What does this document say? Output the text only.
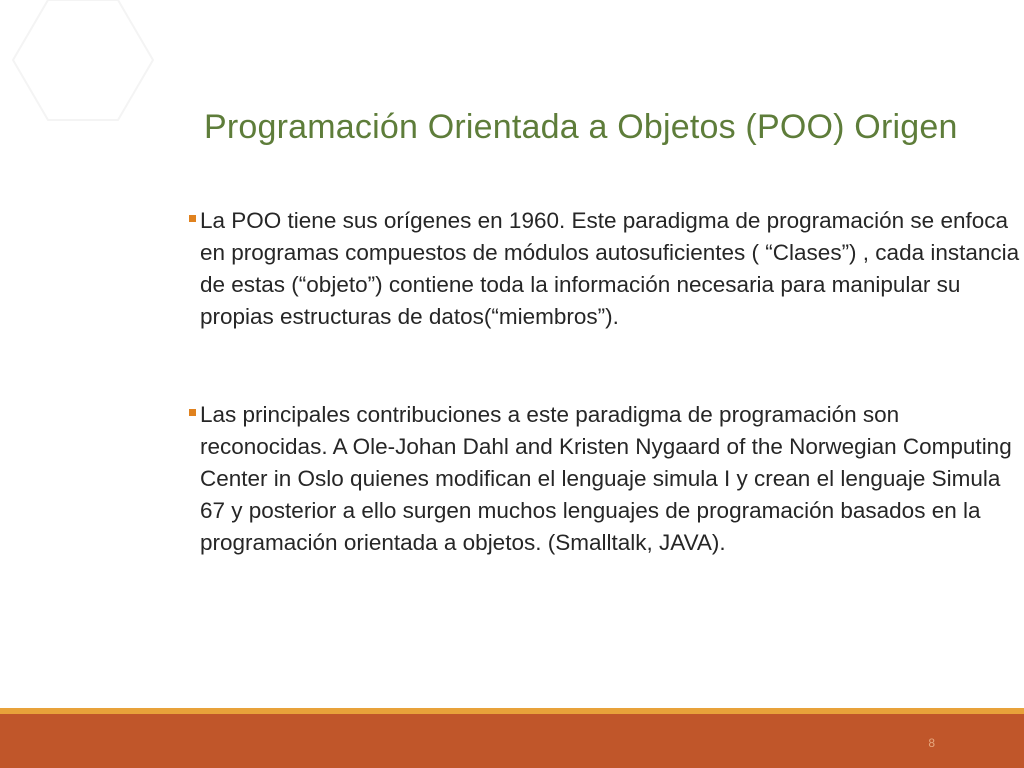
Programación Orientada a Objetos (POO) Origen
La POO tiene sus orígenes en 1960. Este paradigma de programación se enfoca en programas compuestos de módulos autosuficientes ( “Clases”) , cada instancia de estas (“objeto”) contiene toda la información necesaria para manipular su propias estructuras de datos(“miembros”).
Las principales contribuciones a este paradigma de programación son reconocidas. A Ole-Johan Dahl and Kristen Nygaard of the Norwegian Computing Center in Oslo quienes modifican el lenguaje simula I y crean el lenguaje Simula 67 y posterior a ello surgen muchos lenguajes de programación basados en la programación orientada a objetos. (Smalltalk, JAVA).
8
